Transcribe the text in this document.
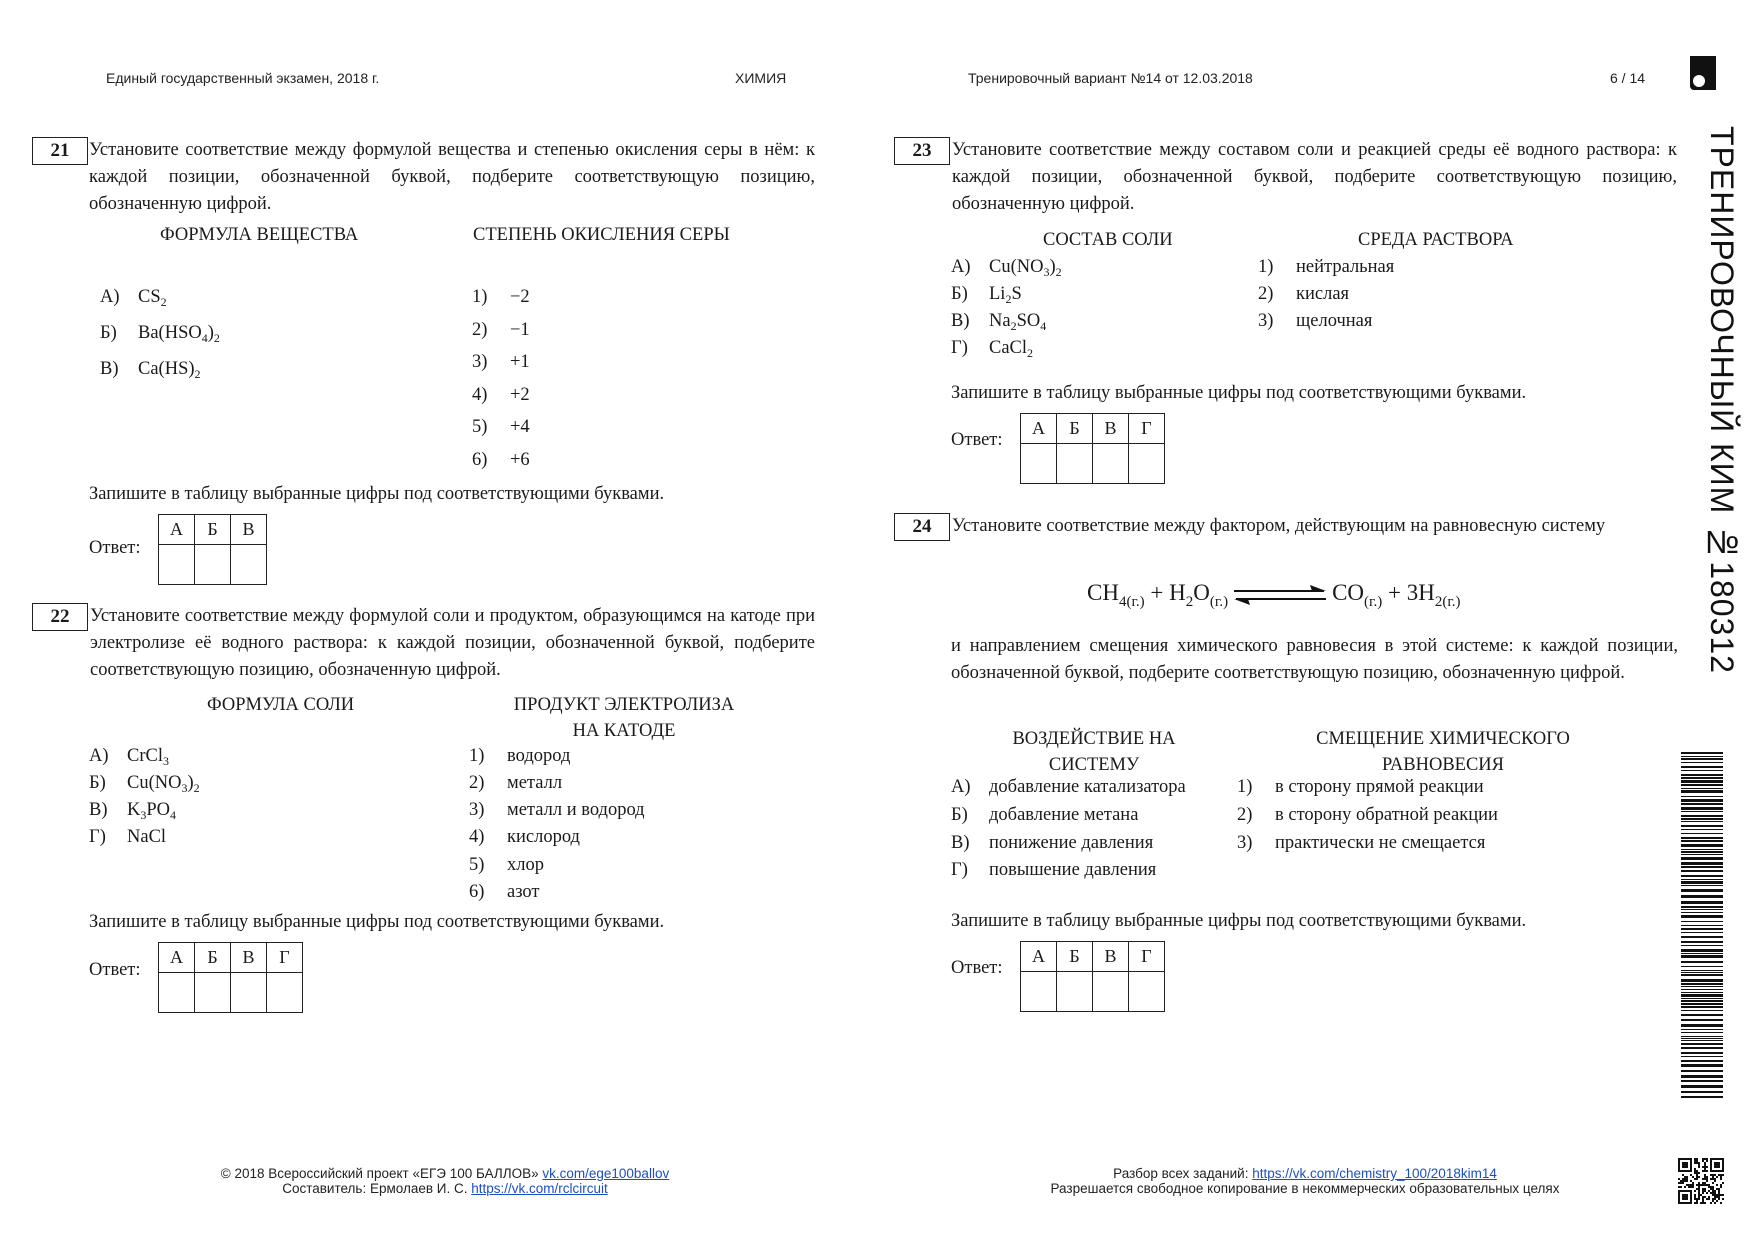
Единый государственный экзамен, 2018 г.	ХИМИЯ	Тренировочный вариант №14 от 12.03.2018	6 / 14
ТРЕНИРОВОЧНЫЙ КИМ №180312
21	Установите соответствие между формулой вещества и степенью окисления серы в нём: к каждой позиции, обозначенной буквой, подберите соответствующую позицию, обозначенную цифрой.
ФОРМУЛА ВЕЩЕСТВА	СТЕПЕНЬ ОКИСЛЕНИЯ СЕРЫ
А) $CS_2$
Б) $Ba(HSO_4)_2$
В) $Ca(HS)_2$
1) −2
2) −1
3) +1
4) +2
5) +4
6) +6
Запишите в таблицу выбранные цифры под соответствующими буквами.
Ответ:
А	Б	В

22	Установите соответствие между формулой соли и продуктом, образующимся на катоде при электролизе её водного раствора: к каждой позиции, обозначенной буквой, подберите соответствующую позицию, обозначенную цифрой.
ФОРМУЛА СОЛИ	ПРОДУКТ ЭЛЕКТРОЛИЗА
НА КАТОДЕ
А) CrCl$_3$
Б) $Cu(NO_3)_2$
В) $K_3PO_4$
Г) NaCl
1) водород
2) металл
3) металл и водород
4) кислород
5) хлор
6) азот
Запишите в таблицу выбранные цифры под соответствующими буквами.
Ответ:
А	Б	В	Г

23	Установите соответствие между составом соли и реакцией среды её водного раствора: к каждой позиции, обозначенной буквой, подберите соответствующую позицию, обозначенную цифрой.
СОСТАВ СОЛИ	СРЕДА РАСТВОРА
А) $Cu(NO_3)_2$
Б) $Li_2S$
В) $Na_2SO_4$
Г) CaCl$_2$
1) нейтральная
2) кислая
3) щелочная
Запишите в таблицу выбранные цифры под соответствующими буквами.
Ответ:
А	Б	В	Г

24	Установите соответствие между фактором, действующим на равновесную систему
$CH_{4(г.)} + H_2O_{(г.)}$	$CO_{(г.)} + 3H_{2(г.)}$
и направлением смещения химического равновесия в этой системе: к каждой позиции, обозначенной буквой, подберите соответствующую позицию, обозначенную цифрой.
ВОЗДЕЙСТВИЕ НА
СИСТЕМУ
СМЕЩЕНИЕ ХИМИЧЕСКОГО
РАВНОВЕСИЯ
А) добавление катализатора
Б) добавление метана
В) понижение давления
Г) повышение давления
1) в сторону прямой реакции
2) в сторону обратной реакции
3) практически не смещается
Запишите в таблицу выбранные цифры под соответствующими буквами.
Ответ:
А	Б	В	Г

© 2018 Всероссийский проект «ЕГЭ 100 БАЛЛОВ» vk.com/ege100ballov
Составитель: Ермолаев И. С. https://vk.com/rclcircuit
Разбор всех заданий: https://vk.com/chemistry_100/2018kim14
Разрешается свободное копирование в некоммерческих образовательных целях
